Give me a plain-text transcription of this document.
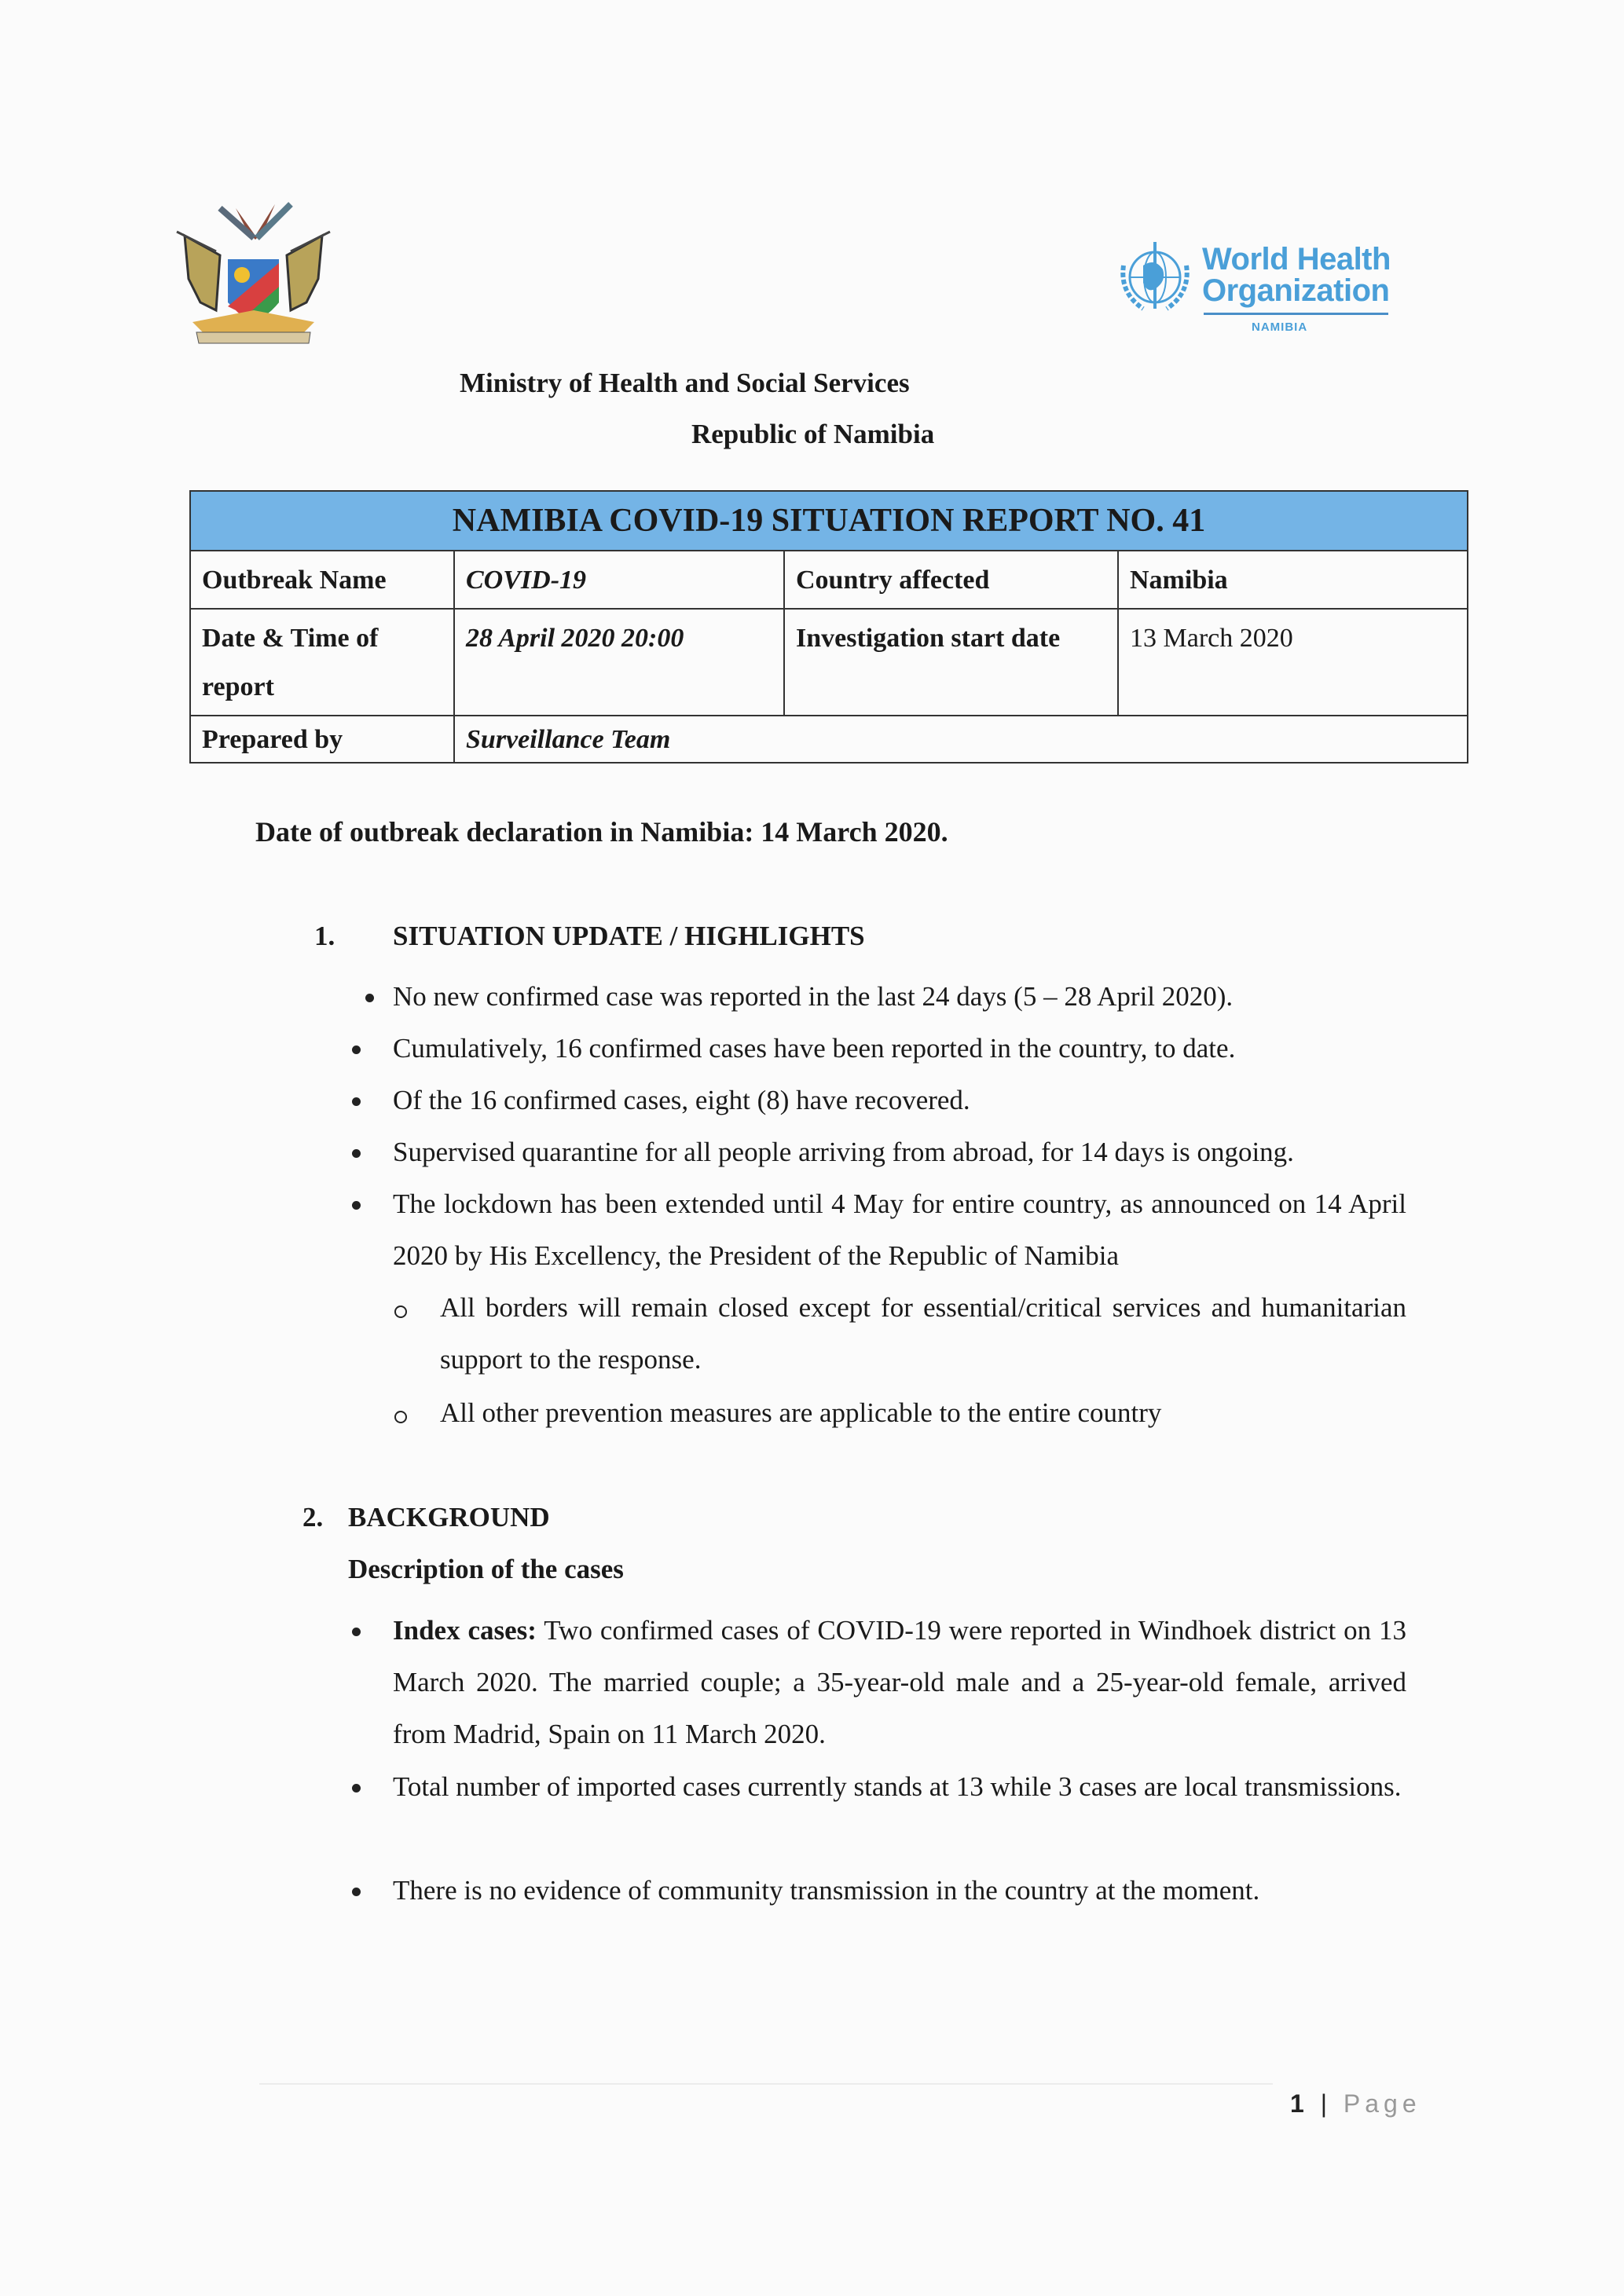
World Health
Organization
NAMIBIA
Ministry of Health and Social Services
Republic of Namibia
NAMIBIA COVID-19 SITUATION REPORT NO. 41			
Outbreak Name	COVID-19	Country affected	Namibia
Date & Time of report	28 April 2020 20:00	Investigation start date	13 March 2020
Prepared by	Surveillance Team		
Date of outbreak declaration in Namibia: 14 March 2020.
1. SITUATION UPDATE / HIGHLIGHTS
No new confirmed case was reported in the last 24 days (5 – 28 April 2020).
Cumulatively, 16 confirmed cases have been reported in the country, to date.
Of the 16 confirmed cases, eight (8) have recovered.
Supervised quarantine for all people arriving from abroad, for 14 days is ongoing.
The lockdown has been extended until 4 May for entire country, as announced on 14 April 2020 by His Excellency, the President of the Republic of Namibia
All borders will remain closed except for essential/critical services and humanitarian support to the response.
All other prevention measures are applicable to the entire country
2. BACKGROUND
Description of the cases
Index cases: Two confirmed cases of COVID-19 were reported in Windhoek district on 13 March 2020. The married couple; a 35-year-old male and a 25-year-old female, arrived from Madrid, Spain on 11 March 2020.
Total number of imported cases currently stands at 13 while 3 cases are local transmissions.
There is no evidence of community transmission in the country at the moment.
1 | Page
